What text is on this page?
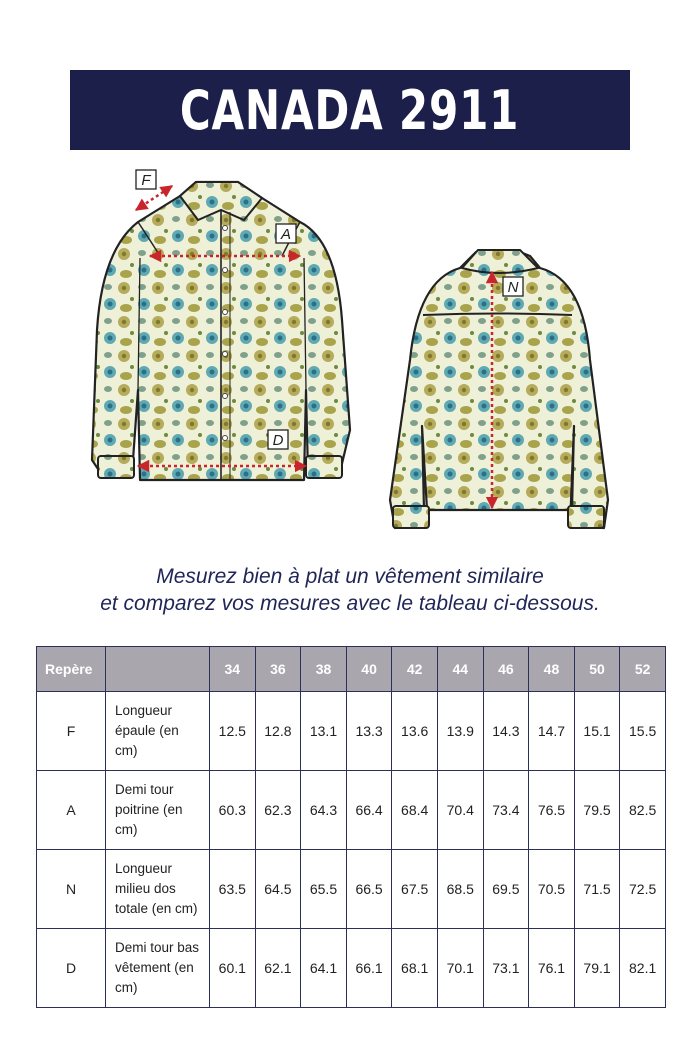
CANADA 2911
F
A
D
N
Mesurez bien à plat un vêtement similaire
et comparez vos mesures avec le tableau ci-dessous.
Repère		34	36	38	40	42	44	46	48	50	52
F	Longueur épaule (en cm)	12.5	12.8	13.1	13.3	13.6	13.9	14.3	14.7	15.1	15.5
A	Demi tour poitrine (en cm)	60.3	62.3	64.3	66.4	68.4	70.4	73.4	76.5	79.5	82.5
N	Longueur milieu dos totale (en cm)	63.5	64.5	65.5	66.5	67.5	68.5	69.5	70.5	71.5	72.5
D	Demi tour bas vêtement (en cm)	60.1	62.1	64.1	66.1	68.1	70.1	73.1	76.1	79.1	82.1
